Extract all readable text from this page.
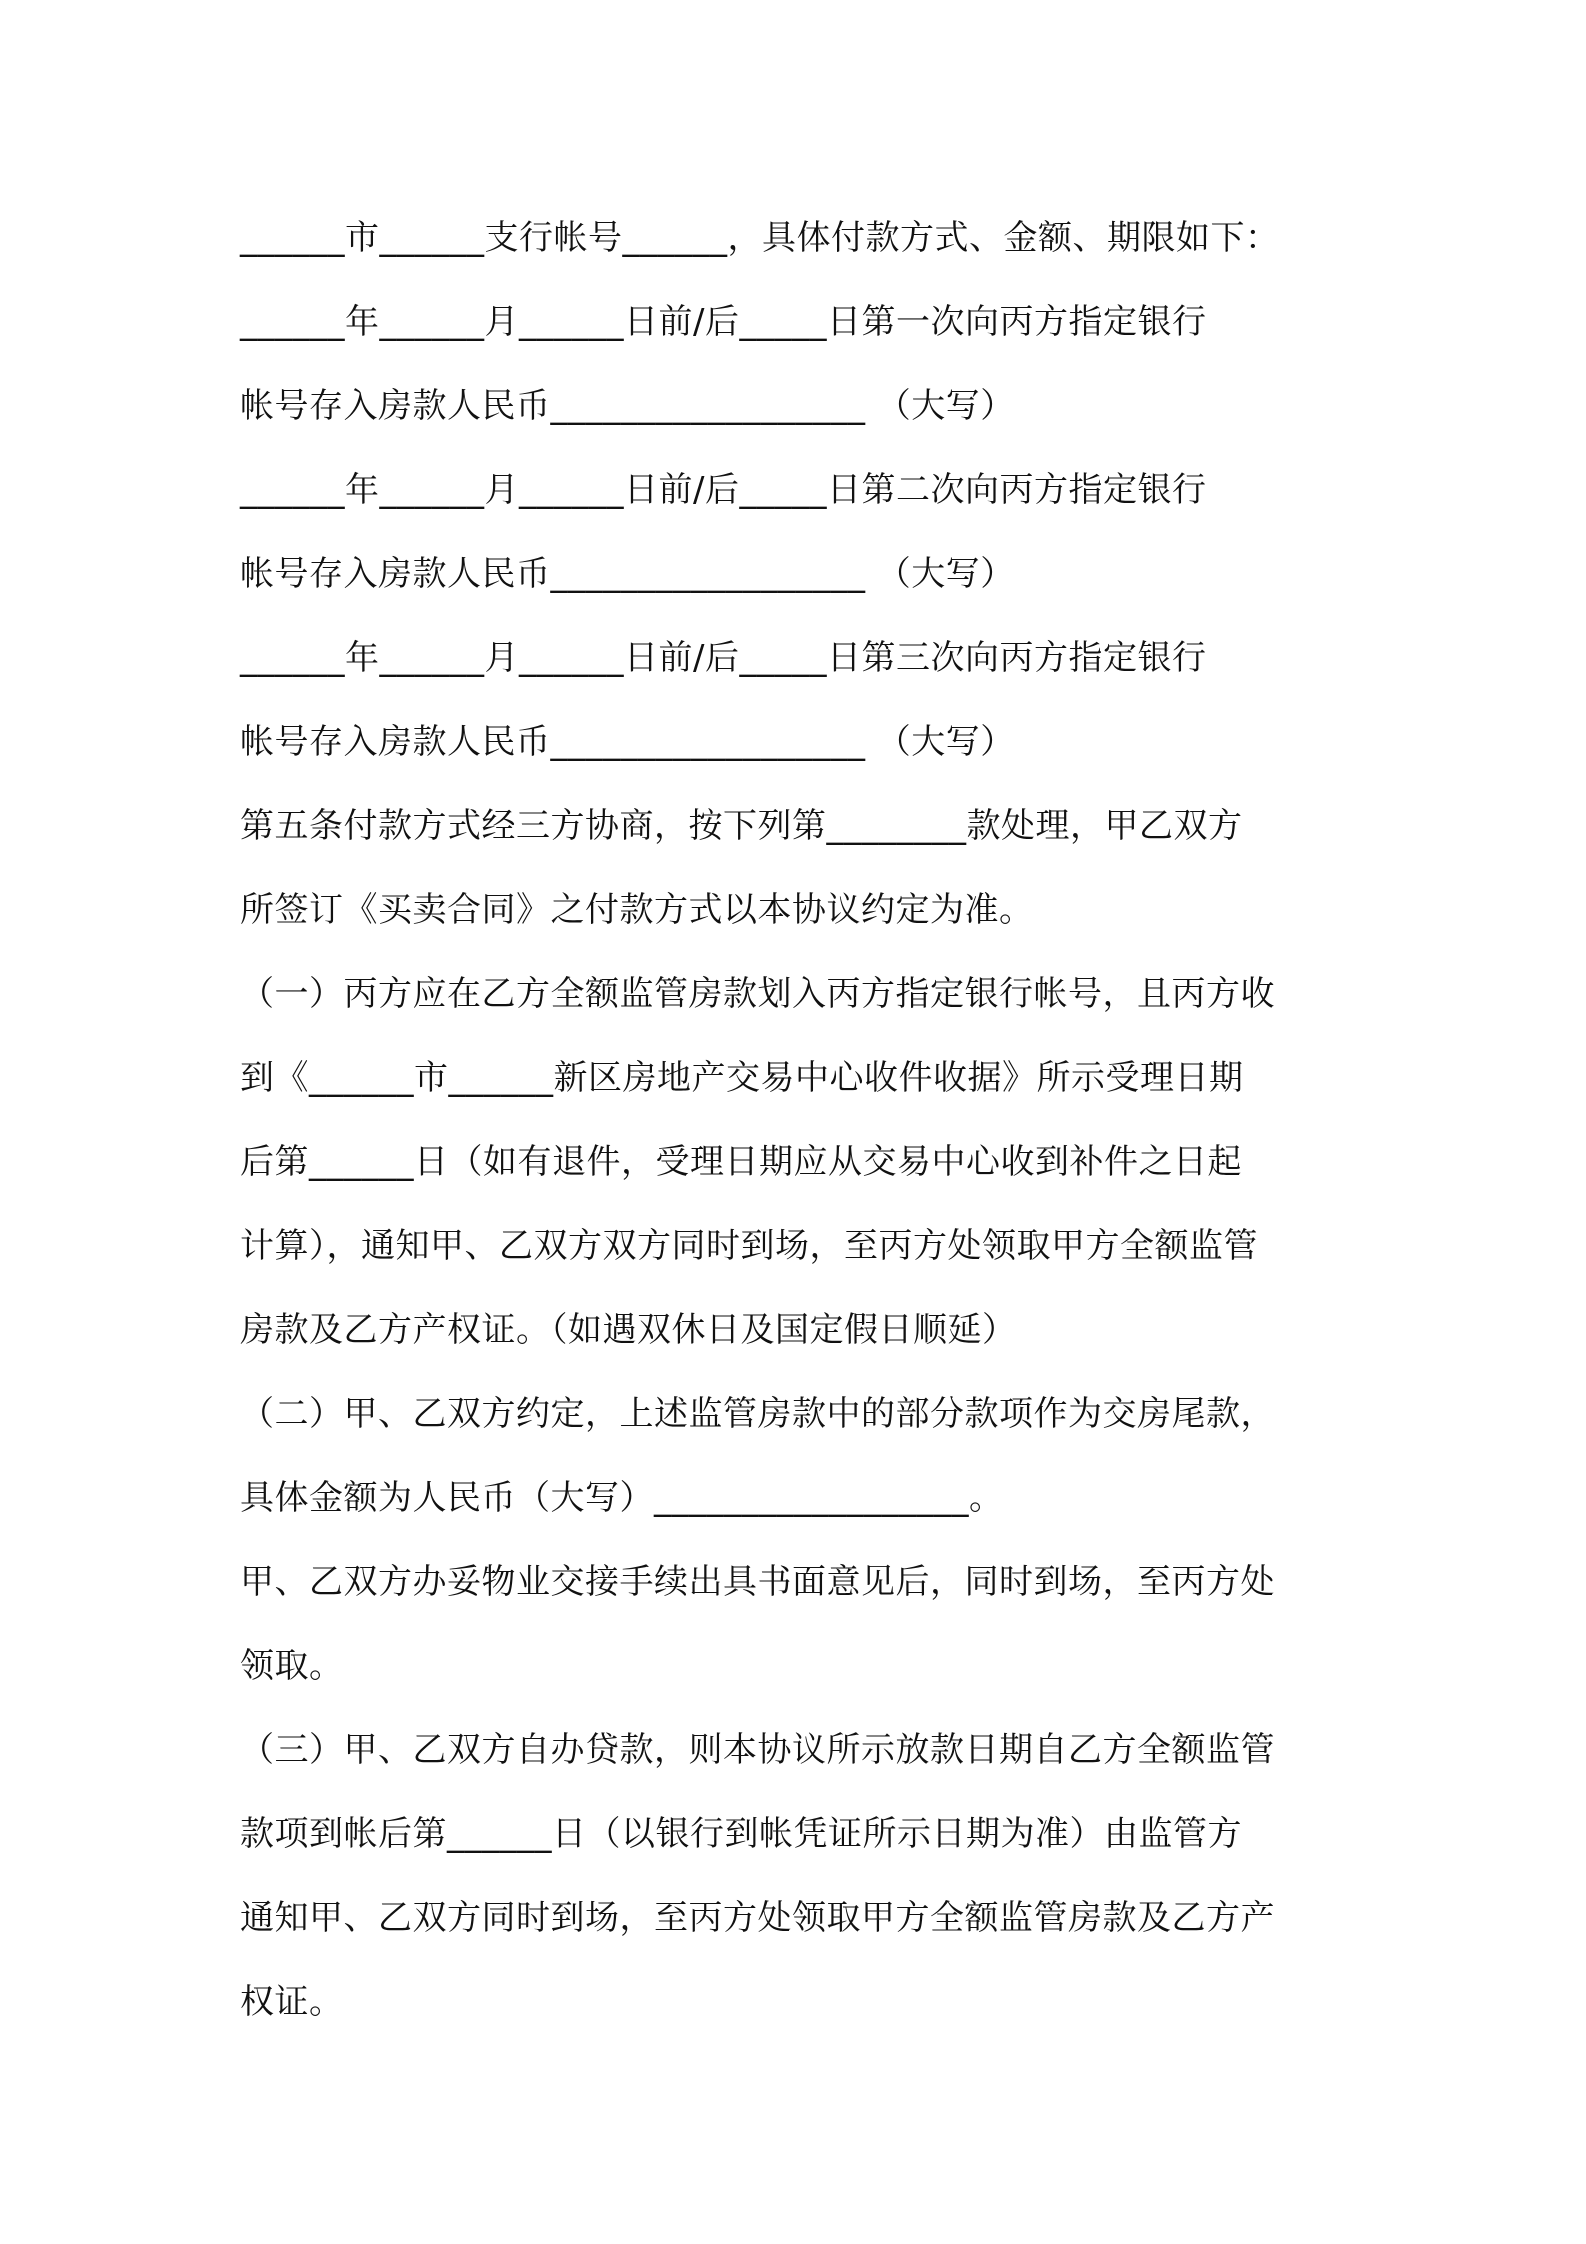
______市______支行帐号______，具体付款方式、金额、期限如下：

______年______月______日前/后_____日第一次向丙方指定银行

帐号存入房款人民币__________________ （大写）

______年______月______日前/后_____日第二次向丙方指定银行

帐号存入房款人民币__________________ （大写）

______年______月______日前/后_____日第三次向丙方指定银行

帐号存入房款人民币__________________ （大写）

第五条付款方式经三方协商，按下列第________款处理，甲乙双方

所签订《买卖合同》之付款方式以本协议约定为准。

（一）丙方应在乙方全额监管房款划入丙方指定银行帐号，且丙方收

到《______市______新区房地产交易中心收件收据》所示受理日期

后第______日（如有退件，受理日期应从交易中心收到补件之日起

计算），通知甲、乙双方双方同时到场，至丙方处领取甲方全额监管

房款及乙方产权证。（如遇双休日及国定假日顺延）

（二）甲、乙双方约定，上述监管房款中的部分款项作为交房尾款，

具体金额为人民币（大写）__________________。

甲、乙双方办妥物业交接手续出具书面意见后，同时到场，至丙方处

领取。

（三）甲、乙双方自办贷款，则本协议所示放款日期自乙方全额监管

款项到帐后第______日（以银行到帐凭证所示日期为准）由监管方

通知甲、乙双方同时到场，至丙方处领取甲方全额监管房款及乙方产

权证。
